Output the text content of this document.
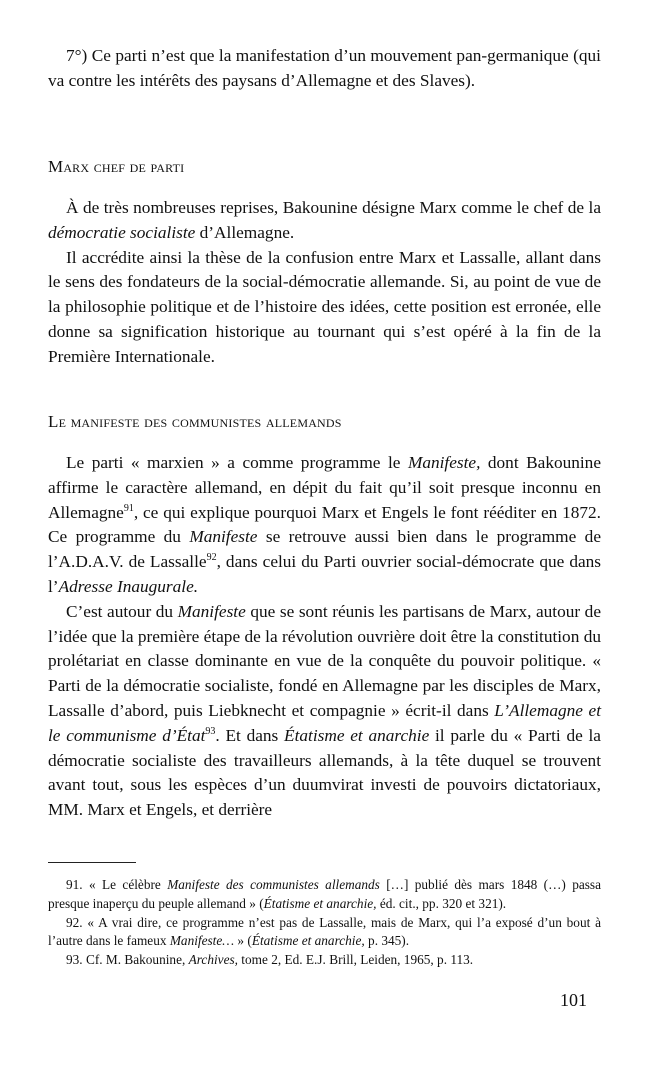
7°) Ce parti n’est que la manifestation d’un mouvement pan-germanique (qui va contre les intérêts des paysans d’Allemagne et des Slaves).

Marx chef de parti

À de très nombreuses reprises, Bakounine désigne Marx comme le chef de la démocratie socialiste d’Allemagne.

Il accrédite ainsi la thèse de la confusion entre Marx et Lassalle, allant dans le sens des fondateurs de la social-démocratie allemande. Si, au point de vue de la philosophie politique et de l’histoire des idées, cette position est erronée, elle donne sa signification historique au tournant qui s’est opéré à la fin de la Première Internationale.

Le manifeste des communistes allemands

Le parti « marxien » a comme programme le Manifeste, dont Bakounine affirme le caractère allemand, en dépit du fait qu’il soit presque inconnu en Allemagne$^{91}$, ce qui explique pourquoi Marx et Engels le font rééditer en 1872. Ce programme du Manifeste se retrouve aussi bien dans le programme de l’A.D.A.V. de Lassalle$^{92}$, dans celui du Parti ouvrier social-démocrate que dans l’Adresse Inaugurale.

C’est autour du Manifeste que se sont réunis les partisans de Marx, autour de l’idée que la première étape de la révolution ouvrière doit être la constitution du prolétariat en classe dominante en vue de la conquête du pouvoir politique. « Parti de la démocratie socialiste, fondé en Allemagne par les disciples de Marx, Lassalle d’abord, puis Liebknecht et compagnie » écrit-il dans L’Allemagne et le communisme d’État$^{93}$. Et dans Étatisme et anarchie il parle du « Parti de la démocratie socialiste des travailleurs allemands, à la tête duquel se trouvent avant tout, sous les espèces d’un duumvirat investi de pouvoirs dictatoriaux, MM. Marx et Engels, et derrière

91. « Le célèbre Manifeste des communistes allemands […] publié dès mars 1848 (…) passa presque inaperçu du peuple allemand » (Étatisme et anarchie, éd. cit., pp. 320 et 321).

92. « A vrai dire, ce programme n’est pas de Lassalle, mais de Marx, qui l’a exposé d’un bout à l’autre dans le fameux Manifeste… » (Étatisme et anarchie, p. 345).

93. Cf. M. Bakounine, Archives, tome 2, Ed. E.J. Brill, Leiden, 1965, p. 113.

101
